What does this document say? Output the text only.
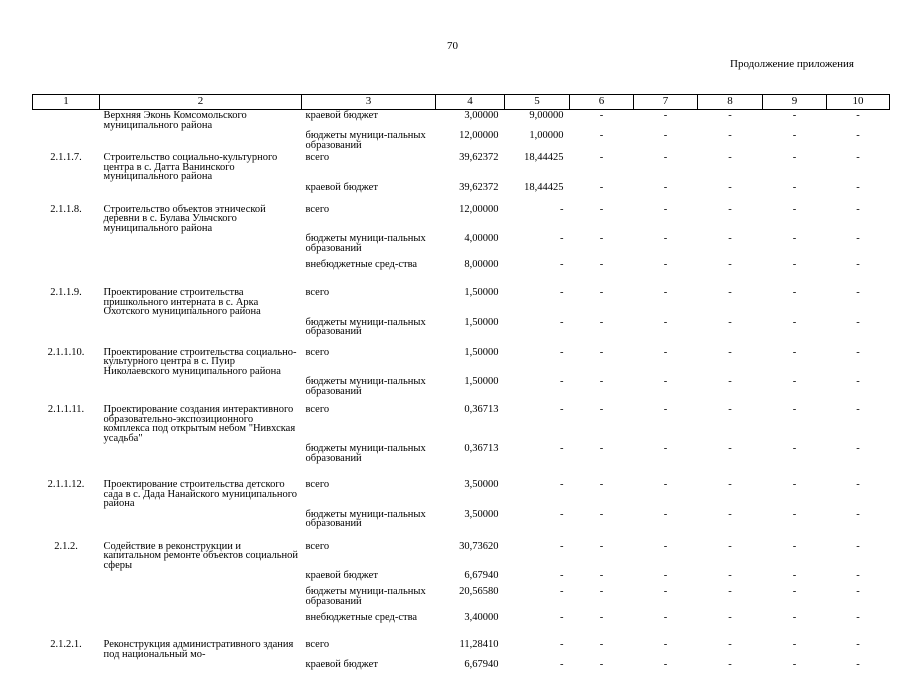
70
Продолжение приложения
1	2	3	4	5	6	7	8	9	10
	Верхняя Эконь Комсомольского муниципального района	краевой бюджет	3,00000	9,00000	-	-	-	-	-
		бюджеты муници-пальных образований	12,00000	1,00000	-	-	-	-	-
2.1.1.7.	Строительство социально-культурного центра в с. Датта Ванинского муниципального района	всего	39,62372	18,44425	-	-	-	-	-
		краевой бюджет	39,62372	18,44425	-	-	-	-	-
2.1.1.8.	Строительство объектов этнической деревни в с. Булава Ульчского муниципального района	всего	12,00000	-	-	-	-	-	-
		бюджеты муници-пальных образований	4,00000	-	-	-	-	-	-
		внебюджетные сред-ства	8,00000	-	-	-	-	-	-
2.1.1.9.	Проектирование строительства пришкольного интерната в с. Арка Охотского муниципального района	всего	1,50000	-	-	-	-	-	-
		бюджеты муници-пальных образований	1,50000	-	-	-	-	-	-
2.1.1.10.	Проектирование строительства социально-культурного центра в с. Пуир Николаевского муниципального района	всего	1,50000	-	-	-	-	-	-
		бюджеты муници-пальных образований	1,50000	-	-	-	-	-	-
2.1.1.11.	Проектирование создания интерактивного образовательно-экспозиционного комплекса под открытым небом "Нивхская усадьба"	всего	0,36713	-	-	-	-	-	-
		бюджеты муници-пальных образований	0,36713	-	-	-	-	-	-
2.1.1.12.	Проектирование строительства детского сада в с. Дада Нанайского муниципального района	всего	3,50000	-	-	-	-	-	-
		бюджеты муници-пальных образований	3,50000	-	-	-	-	-	-
2.1.2.	Содействие в реконструкции и капитальном ремонте объектов социальной сферы	всего	30,73620	-	-	-	-	-	-
		краевой бюджет	6,67940	-	-	-	-	-	-
		бюджеты муници-пальных образований	20,56580	-	-	-	-	-	-
		внебюджетные сред-ства	3,40000	-	-	-	-	-	-
2.1.2.1.	Реконструкция административного здания под национальный мо-	всего	11,28410	-	-	-	-	-	-
		краевой бюджет	6,67940	-	-	-	-	-	-
